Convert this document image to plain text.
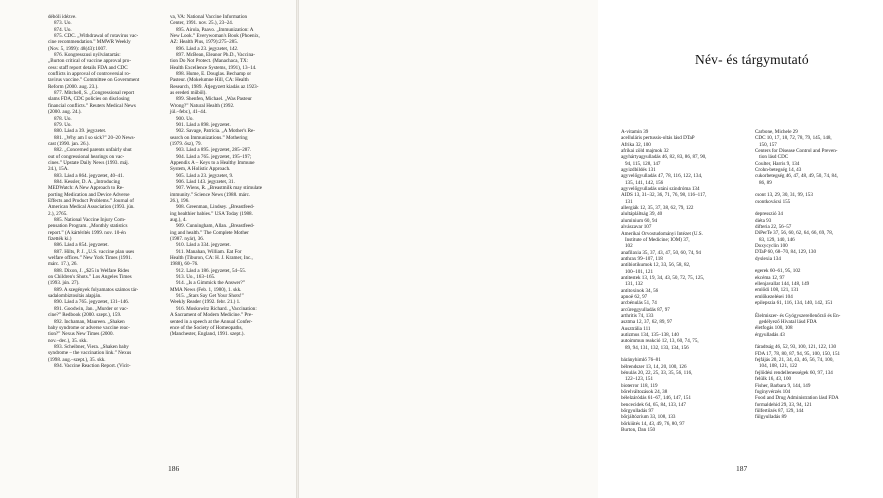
débóli idézve.

873. Uo.

874. Uo.

875. CDC. „Withdrawal of rotavirus vac-

cine recommendation.” MMWR Weekly

(Nov. 5, 1999): 48(43):1007.

876. Kongresszusi nyilvántartás:

„Burton critical of vaccine approval pro-

cess: staff report details FDA and CDC

conflicts in approval of controversial ro-

tavirus vaccine.” Committee on Government

Reform (2000. aug. 23.).

877. Mitchell, S. „Congressional report

slams FDA, CDC policies on disclosing

financial conflicts.” Reuters Medical News

(2000. aug. 24.).

878. Uo.

879. Uo.

880. Lásd a 39. jegyzetet.

881. „Why am I so sick?” 20–20 News-

cast (1990. jan. 26.).

882. „Concerned parents unfairly shut

out of congressional hearings on vac-

cines.” Upstate Daily News (1993. máj.

24.), 15A.

883. Lásd a 864. jegyzetet, 40–41.

884. Kessler, D. A. „Introducing

MEDWatch: A New Approach to Re-

porting Medication and Device Adverse

Effects and Product Problems.” Journal of

American Medical Association (1993. jún.

2.), 2765.

885. National Vaccine Injury Com-

pensation Program. „Monthly statistics

report.” (A kártérítés 1999. nov. 10-én

fizették ki.)

886. Lásd a 854. jegyzetet.

887. Hilts, P. J. „U.S. vaccine plan uses

welfare offices.” New York Times (1991.

márc. 17.), 26.

888. Dixon, J. „$25 in Welfare Rides

on Children's Shots.” Los Angeles Times

(1993. jún. 27).

889. A szegények folyamatos számos tár-

sadalombiztosítás alapján.

890. Lásd a 765. jegyzetet, 131–146.

891. Goodwin, Jan. „Murder or vac-

cine?” Redbook (2000. szept.), 159.

892. Inchaman, Maureen. „Shaken

baby syndrome or adverse vaccine reac-

tion?” Nexus New Times (2000.

nov.–dec.), 35. skk.

893. Scheibner, Viera. „Shaken baby

syndrome – the vaccination link.” Nexus

(1998. aug.–szept.), 35. skk.

894. Vaccine Reaction Report. (Vicit-

va, VA: National Vaccine Information

Center, 1991. nov. 25.), 23–24.

895. Airola, Paavo. „Immunization: A

New Look.” Everywoman's Book (Phoenix,

AZ: Health Plus, 1979):275–285.

896. Lásd a 23. jegyzetet, 142.

897. McBean, Eleanor Ph.D., Vaccina-

tion Do Not Protect. (Manachaca, TX:

Health Excellence Systems, 1991), 13–14.

898. Hume, E. Douglas. Bechamp or

Pasteur. (Mokelumne Hill, CA: Health

Research, 1989. Átjegyzett kiadás az 1923-

as eredeti műből).

899. Shenfen, Michael. „Was Pasteur

Wrong?” Natural Health (1992.

júl.–febr.), 41–44.

900. Uo.

901. Lásd a 898. jegyzetet.

902. Savage, Patricia. „A Mother's Re-

search on Immunizations.” Mothering

(1979. ősz), 79.

903. Lásd a 895. jegyzetet, 285–287.

904. Lásd a 765. jegyzetet, 195–197;

Appendix A – Keys to a Healthy Immune

System, A Holistic Approach.

905. Lásd a 23. jegyzetet, 9.

906. Lásd 143. jegyzetet, 31.

907. Wiens, R. „Breastmilk may stimulate

immunity.” Science News (1988. márc.

26.), 196.

908. Greenman, Lindsey. „Breastfeed-

ing healthier babies.” USA Today (1988.

aug.), 4.

909. Cunningham, Allan. „Breastfeed-

ing and health.” The Complete Mother

(1987. nyár), 36.

910. Lásd a 334. jegyzetet.

911. Manahan, William. Eat For

Health (Tiburon, CA: H. J. Kramer, Inc.,

1988), 60–76.

912. Lásd a 186. jegyzetet, 54–55.

913. Uo., 163–165.

914. „Is a Gimmick the Answer?”

MMA News (Feb. 1, 1980), 1. skk.

915. „Stars Say Get Your Shots!”

Weekly Reader (1992. febr. 21.) 1.

916. Moskowitz Richard. „Vaccination:

A Sacrament of Modern Medicine.” Pre-

sented in a speech at the Annual Confer-

ence of the Society of Homeopaths,

(Manchester, England, 1991. szept.).

186
Név- és tárgymutató

A-vitamin 39

acelluláris pertussis-oltás lásd DTaP

Afrika 32, 100

afrikai zöld majmok 32

agyhártyagyulladás 46, 82, 83, 86, 87, 90,

94, 115, 128, 147

agyizdbildés 131

agyvelőgyulladás 47, 78, 116, 122, 134,

135, 141, 142, 156

agyvelőgyulladás utáni szindróma 134

AIDS 13, 31–32, 36, 71, 76, 98, 116–117,

131

allergiák 12, 35, 37, 38, 62, 79, 122

alultápláltság 39, 40

aluminium 60, 94

alvászavar 107

Amerikai Orvostudományi Intézet (U.S.

Institute of Medicine; IOM) 37,

102

anafilaxia 35, 37, 43, 47, 50, 60, 74, 94

anthrax 99–107, 118

antibiotikumok 12, 33, 56, 58, 82,

100–101, 121

antitestek 13, 19, 34, 43, 50, 72, 75, 125,

131, 132

antitoxinok 34, 56

apnoë 62, 97

arcbénulás 51, 74

arcüreggyulladás 87, 97

arthritis 74, 133

asztma 12, 37, 62, 89, 97

Ausztrália 111

autizmus 134, 135–138, 140

autoimmun reakció 12, 13, 60, 74, 75,

89, 94, 131, 132, 133, 134, 156

bárányhimlő 76–81

bélrendszer 13, 14, 20, 100, 126

bénulás 20, 22, 25, 33, 35, 56, 116,

122–123, 151

bioterror 118, 119

bőrelváltozások 24, 38

bélelzáródás 61–67, 146, 147, 151

bencecidek 64, 65, 84, 133, 147

bőrgyulladás 97

bőrjáltózrium 33, 108, 133

bőrkiütés 14, 43, 49, 76, 80, 97

Burton, Dan 150

Carbone, Michele 29

CDC 10, 17, 18, 72, 78, 79, 145, 148,

150, 157

Centers for Disease Control and Preven-

tion lásd CDC

Coulter, Harris 9, 134

Crohn-betegség 14, 43

cukorbetegség 46, 47, 48, 49, 50, 74, 84,

86, 89

csont 13, 29, 30, 31, 99, 153

csontkovácsi 155

depresszió 34

diéta 93

difteria 22, 56–57

DiPerTe 37, 56, 60, 62, 64, 66, 69, 78,

83, 129, 140, 146

Doxycyclin 100

DTaP 60, 68–70, 84, 129, 130

dyslexia 134

egerek 60–61, 95, 102

ekcéma 12, 97

ellenjavallat 144, 148, 149

emlődi 108, 121, 131

emlőkezelései 104

epilepszia 61, 116, 134, 140, 142, 151

Élelmiszer- és Gyógyszerellenőrző és En-

gedélyező Hivatal lásd FDA

életfogás 100, 108

érgyulladás 43

fáradtság 46, 52, 93, 100, 121, 122, 130

FDA 17, 78, 80, 87, 94, 95, 100, 150, 151

fejfájás 20, 21, 34, 43, 46, 56, 74, 100,

104, 108, 121, 122

fejlődési rendellenességek 60, 97, 134

felülk 16, 43, 100

Fisher, Barbara 9, 144, 149

fogínyvérzés 104

Food and Drug Administration lásd FDA

formaldehid 29, 33, 94, 121

fülfertőzés 87, 129, 144

fülgyulladás 89

187
